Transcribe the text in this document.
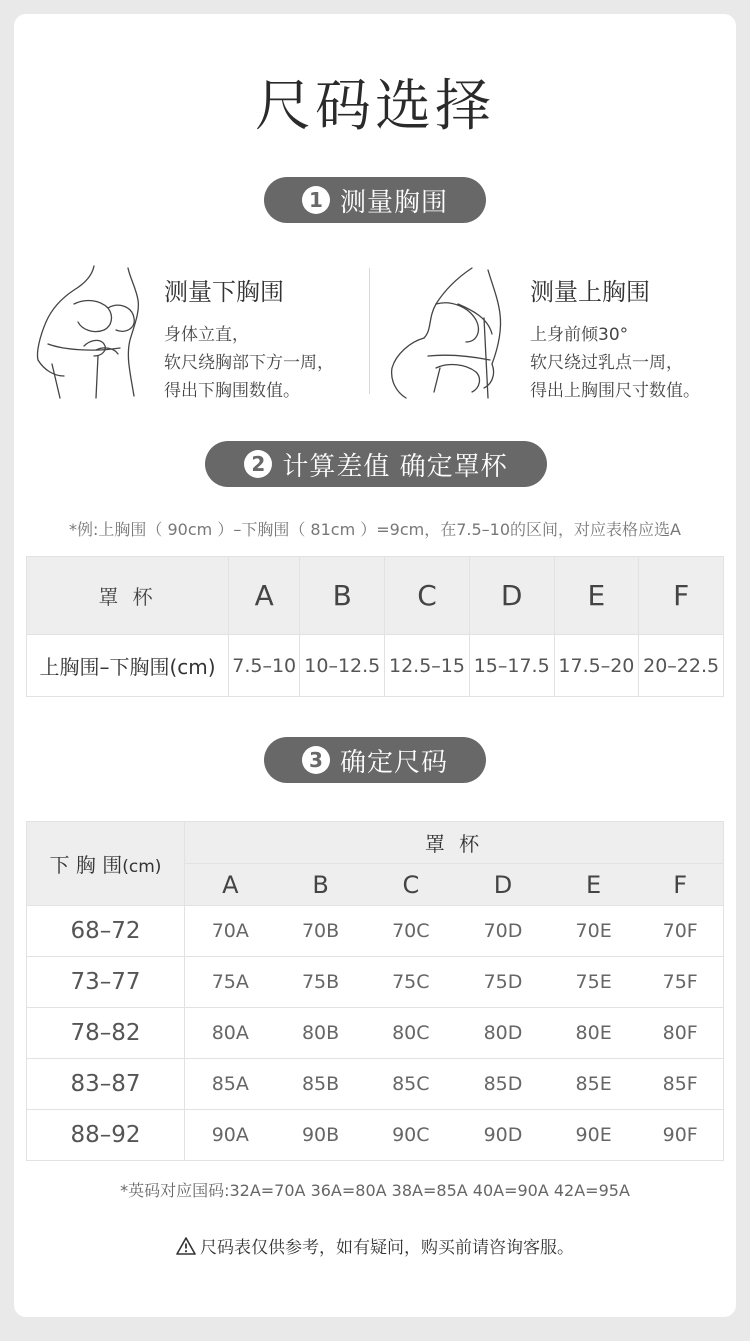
尺码选择
1 测量胸围
测量下胸围
身体立直，
软尺绕胸部下方一周，
得出下胸围数值。
测量上胸围
上身前倾30°
软尺绕过乳点一周，
得出上胸围尺寸数值。
2 计算差值 确定罩杯
*例:上胸围（ 90cm ）–下胸围（ 81cm ）=9cm，在7.5–10的区间，对应表格应选A
罩 杯	A	B	C	D	E	F
上胸围–下胸围(cm)	7.5–10	10–12.5	12.5–15	15–17.5	17.5–20	20–22.5
3 确定尺码
下 胸 围(cm)	罩 杯					
	A	B	C	D	E	F
68–72	70A	70B	70C	70D	70E	70F
73–77	75A	75B	75C	75D	75E	75F
78–82	80A	80B	80C	80D	80E	80F
83–87	85A	85B	85C	85D	85E	85F
88–92	90A	90B	90C	90D	90E	90F
*英码对应国码:32A=70A 36A=80A 38A=85A 40A=90A 42A=95A
尺码表仅供参考，如有疑问，购买前请咨询客服。
